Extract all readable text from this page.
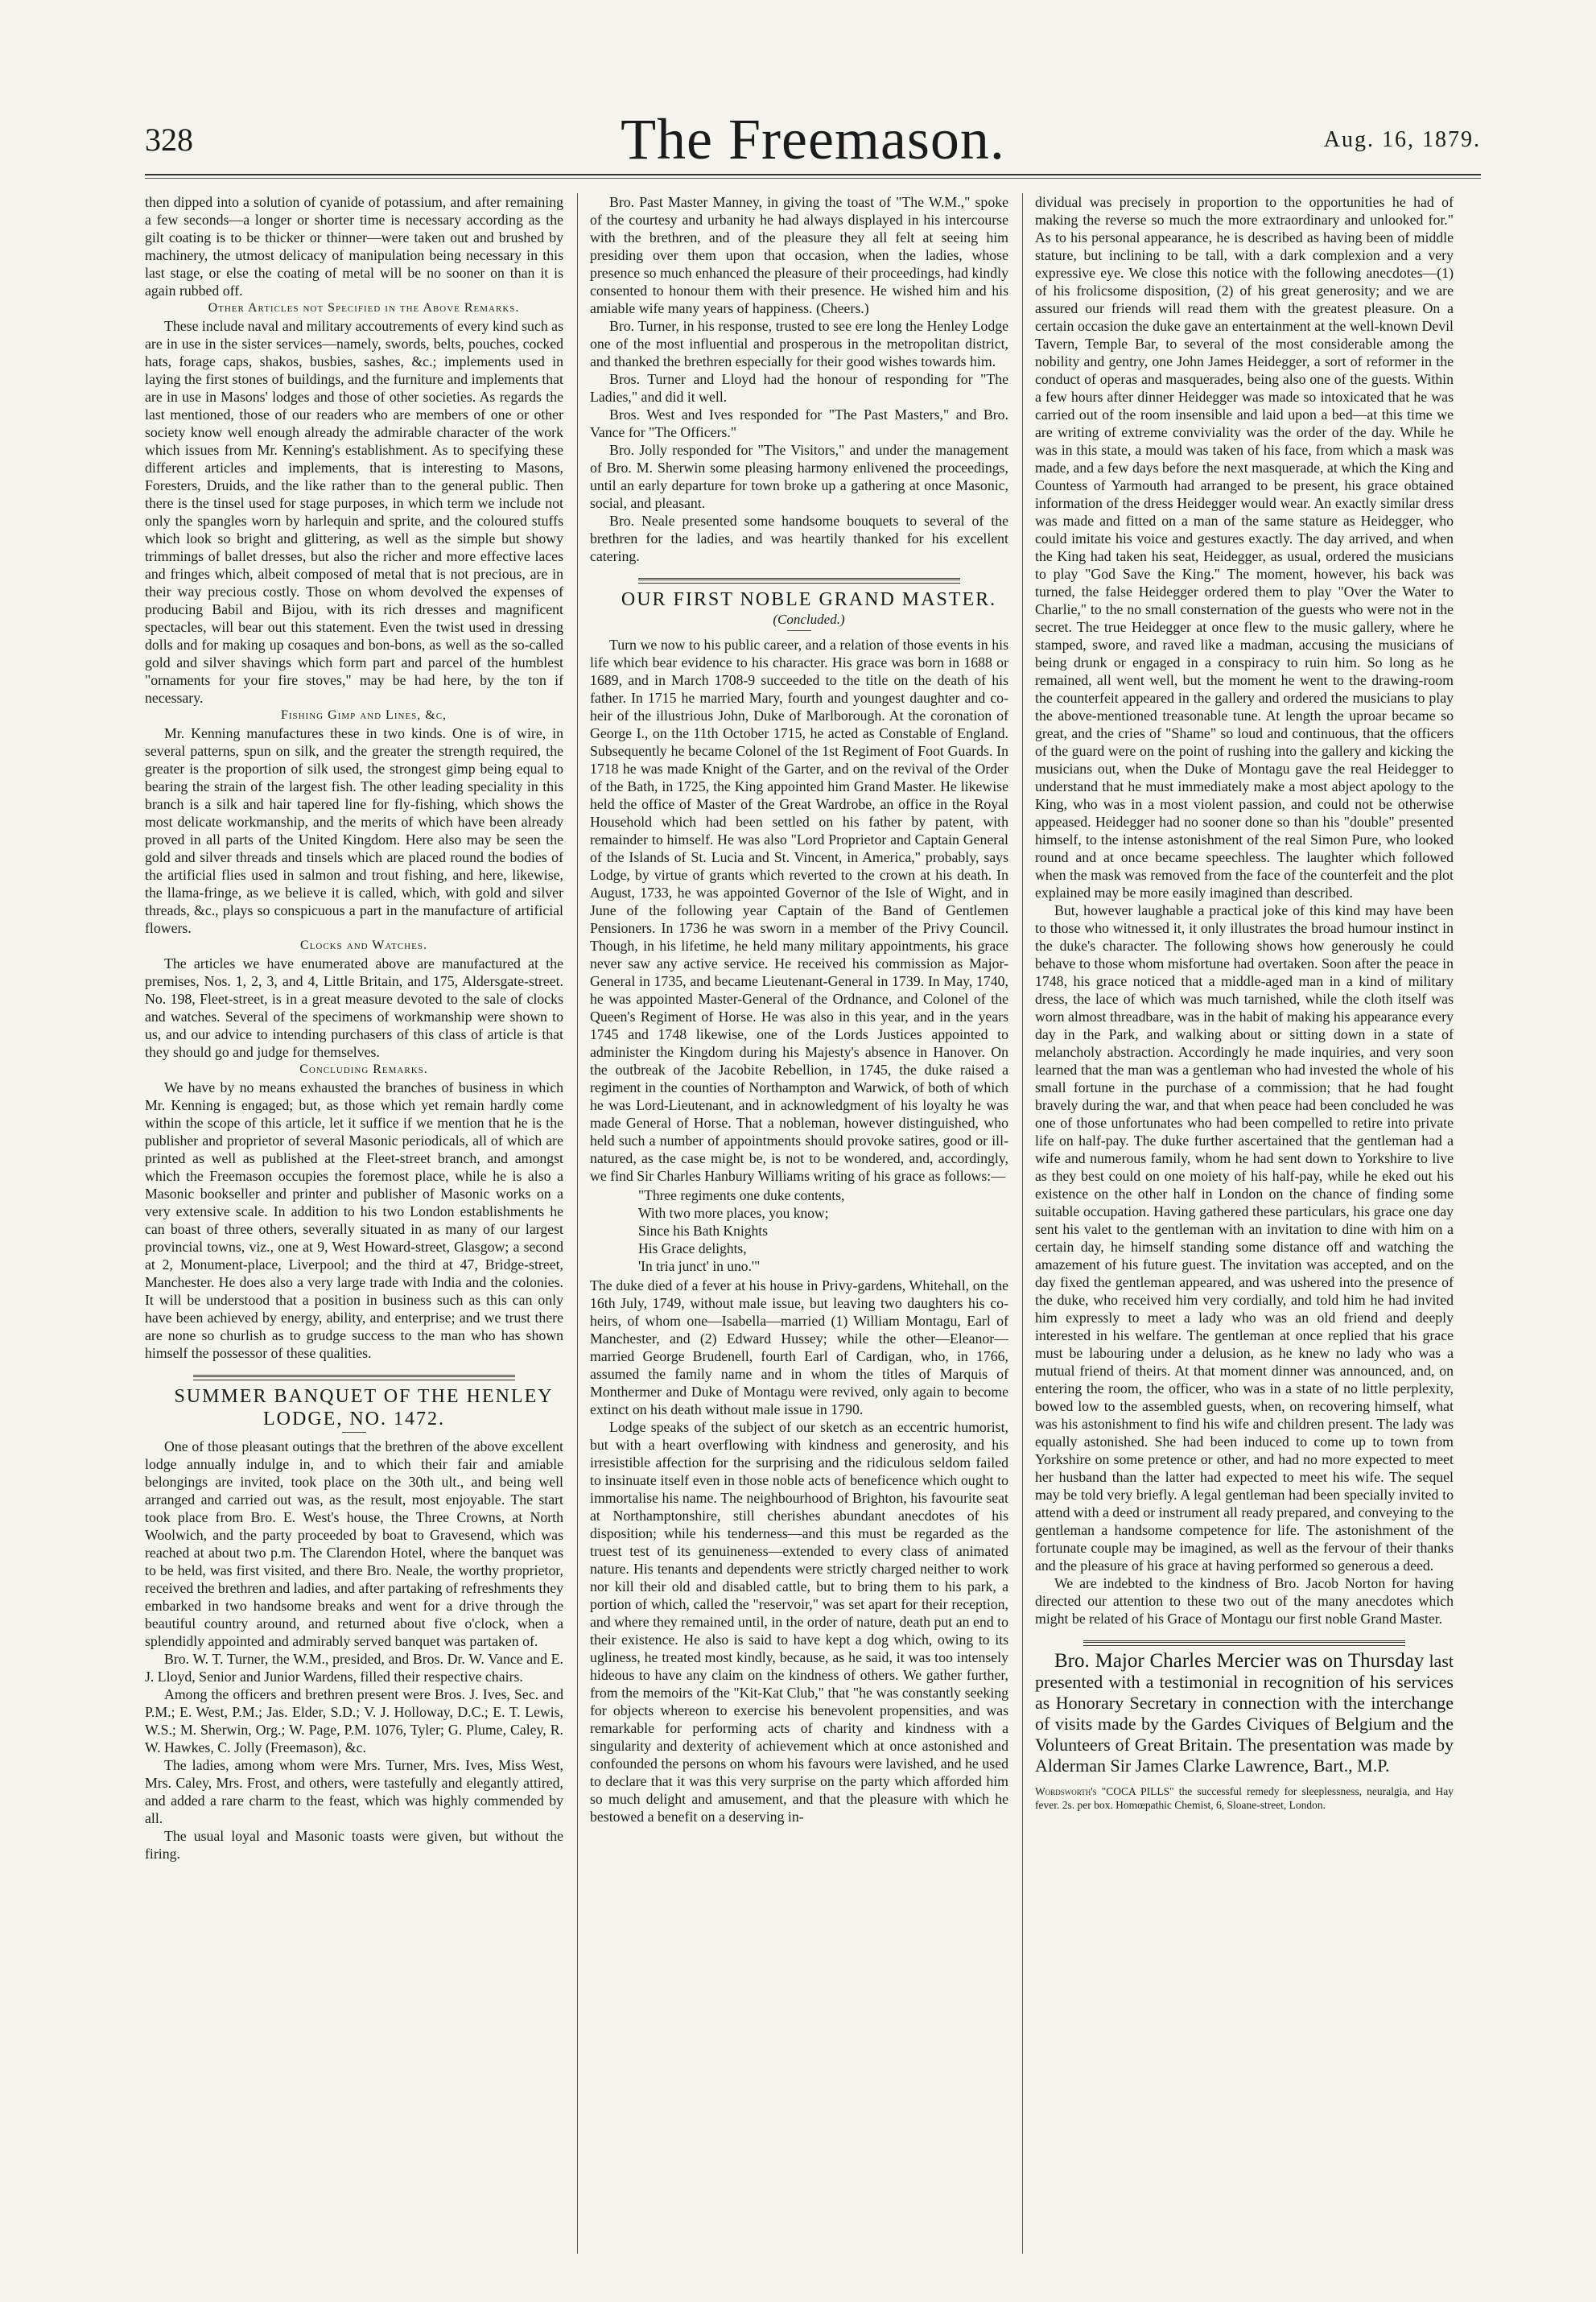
328	The Freemason.	Aug. 16, 1879.

then dipped into a solution of cyanide of potassium, and after remaining a few seconds—a longer or shorter time is necessary according as the gilt coating is to be thicker or thinner—were taken out and brushed by machinery, the utmost delicacy of manipulation being necessary in this last stage, or else the coating of metal will be no sooner on than it is again rubbed off.

Other Articles not Specified in the Above Remarks.

These include naval and military accoutrements of every kind such as are in use in the sister services—namely, swords, belts, pouches, cocked hats, forage caps, shakos, busbies, sashes, &c.; implements used in laying the first stones of buildings, and the furniture and implements that are in use in Masons' lodges and those of other societies. As regards the last mentioned, those of our readers who are members of one or other society know well enough already the admirable character of the work which issues from Mr. Kenning's establishment. As to specifying these different articles and implements, that is interesting to Masons, Foresters, Druids, and the like rather than to the general public. Then there is the tinsel used for stage purposes, in which term we include not only the spangles worn by harlequin and sprite, and the coloured stuffs which look so bright and glittering, as well as the simple but showy trimmings of ballet dresses, but also the richer and more effective laces and fringes which, albeit composed of metal that is not precious, are in their way precious costly. Those on whom devolved the expenses of producing Babil and Bijou, with its rich dresses and magnificent spectacles, will bear out this statement. Even the twist used in dressing dolls and for making up cosaques and bon-bons, as well as the so-called gold and silver shavings which form part and parcel of the humblest "ornaments for your fire stoves," may be had here, by the ton if necessary.

Fishing Gimp and Lines, &c,

Mr. Kenning manufactures these in two kinds. One is of wire, in several patterns, spun on silk, and the greater the strength required, the greater is the proportion of silk used, the strongest gimp being equal to bearing the strain of the largest fish. The other leading speciality in this branch is a silk and hair tapered line for fly-fishing, which shows the most delicate workmanship, and the merits of which have been already proved in all parts of the United Kingdom. Here also may be seen the gold and silver threads and tinsels which are placed round the bodies of the artificial flies used in salmon and trout fishing, and here, likewise, the llama-fringe, as we believe it is called, which, with gold and silver threads, &c., plays so conspicuous a part in the manufacture of artificial flowers.

Clocks and Watches.

The articles we have enumerated above are manufactured at the premises, Nos. 1, 2, 3, and 4, Little Britain, and 175, Aldersgate-street. No. 198, Fleet-street, is in a great measure devoted to the sale of clocks and watches. Several of the specimens of workmanship were shown to us, and our advice to intending purchasers of this class of article is that they should go and judge for themselves.

Concluding Remarks.

We have by no means exhausted the branches of business in which Mr. Kenning is engaged; but, as those which yet remain hardly come within the scope of this article, let it suffice if we mention that he is the publisher and proprietor of several Masonic periodicals, all of which are printed as well as published at the Fleet-street branch, and amongst which the Freemason occupies the foremost place, while he is also a Masonic bookseller and printer and publisher of Masonic works on a very extensive scale. In addition to his two London establishments he can boast of three others, severally situated in as many of our largest provincial towns, viz., one at 9, West Howard-street, Glasgow; a second at 2, Monument-place, Liverpool; and the third at 47, Bridge-street, Manchester. He does also a very large trade with India and the colonies. It will be understood that a position in business such as this can only have been achieved by energy, ability, and enterprise; and we trust there are none so churlish as to grudge success to the man who has shown himself the possessor of these qualities.

SUMMER BANQUET OF THE HENLEY LODGE, NO. 1472.

One of those pleasant outings that the brethren of the above excellent lodge annually indulge in, and to which their fair and amiable belongings are invited, took place on the 30th ult., and being well arranged and carried out was, as the result, most enjoyable. The start took place from Bro. E. West's house, the Three Crowns, at North Woolwich, and the party proceeded by boat to Gravesend, which was reached at about two p.m. The Clarendon Hotel, where the banquet was to be held, was first visited, and there Bro. Neale, the worthy proprietor, received the brethren and ladies, and after partaking of refreshments they embarked in two handsome breaks and went for a drive through the beautiful country around, and returned about five o'clock, when a splendidly appointed and admirably served banquet was partaken of.

Bro. W. T. Turner, the W.M., presided, and Bros. Dr. W. Vance and E. J. Lloyd, Senior and Junior Wardens, filled their respective chairs.

Among the officers and brethren present were Bros. J. Ives, Sec. and P.M.; E. West, P.M.; Jas. Elder, S.D.; V. J. Holloway, D.C.; E. T. Lewis, W.S.; M. Sherwin, Org.; W. Page, P.M. 1076, Tyler; G. Plume, Caley, R. W. Hawkes, C. Jolly (Freemason), &c.

The ladies, among whom were Mrs. Turner, Mrs. Ives, Miss West, Mrs. Caley, Mrs. Frost, and others, were tastefully and elegantly attired, and added a rare charm to the feast, which was highly commended by all.

The usual loyal and Masonic toasts were given, but without the firing.

Bro. Past Master Manney, in giving the toast of "The W.M.," spoke of the courtesy and urbanity he had always displayed in his intercourse with the brethren, and of the pleasure they all felt at seeing him presiding over them upon that occasion, when the ladies, whose presence so much enhanced the pleasure of their proceedings, had kindly consented to honour them with their presence. He wished him and his amiable wife many years of happiness. (Cheers.)

Bro. Turner, in his response, trusted to see ere long the Henley Lodge one of the most influential and prosperous in the metropolitan district, and thanked the brethren especially for their good wishes towards him.

Bros. Turner and Lloyd had the honour of responding for "The Ladies," and did it well.

Bros. West and Ives responded for "The Past Masters," and Bro. Vance for "The Officers."

Bro. Jolly responded for "The Visitors," and under the management of Bro. M. Sherwin some pleasing harmony enlivened the proceedings, until an early departure for town broke up a gathering at once Masonic, social, and pleasant.

Bro. Neale presented some handsome bouquets to several of the brethren for the ladies, and was heartily thanked for his excellent catering.

OUR FIRST NOBLE GRAND MASTER.

(Concluded.)

Turn we now to his public career, and a relation of those events in his life which bear evidence to his character. His grace was born in 1688 or 1689, and in March 1708-9 succeeded to the title on the death of his father. In 1715 he married Mary, fourth and youngest daughter and co-heir of the illustrious John, Duke of Marlborough. At the coronation of George I., on the 11th October 1715, he acted as Constable of England. Subsequently he became Colonel of the 1st Regiment of Foot Guards. In 1718 he was made Knight of the Garter, and on the revival of the Order of the Bath, in 1725, the King appointed him Grand Master. He likewise held the office of Master of the Great Wardrobe, an office in the Royal Household which had been settled on his father by patent, with remainder to himself. He was also "Lord Proprietor and Captain General of the Islands of St. Lucia and St. Vincent, in America," probably, says Lodge, by virtue of grants which reverted to the crown at his death. In August, 1733, he was appointed Governor of the Isle of Wight, and in June of the following year Captain of the Band of Gentlemen Pensioners. In 1736 he was sworn in a member of the Privy Council. Though, in his lifetime, he held many military appointments, his grace never saw any active service. He received his commission as Major-General in 1735, and became Lieutenant-General in 1739. In May, 1740, he was appointed Master-General of the Ordnance, and Colonel of the Queen's Regiment of Horse. He was also in this year, and in the years 1745 and 1748 likewise, one of the Lords Justices appointed to administer the Kingdom during his Majesty's absence in Hanover. On the outbreak of the Jacobite Rebellion, in 1745, the duke raised a regiment in the counties of Northampton and Warwick, of both of which he was Lord-Lieutenant, and in acknowledgment of his loyalty he was made General of Horse. That a nobleman, however distinguished, who held such a number of appointments should provoke satires, good or ill-natured, as the case might be, is not to be wondered, and, accordingly, we find Sir Charles Hanbury Williams writing of his grace as follows:—

"Three regiments one duke contents,
With two more places, you know;
Since his Bath Knights
His Grace delights,
'In tria junct' in uno.'"

The duke died of a fever at his house in Privy-gardens, Whitehall, on the 16th July, 1749, without male issue, but leaving two daughters his co-heirs, of whom one—Isabella—married (1) William Montagu, Earl of Manchester, and (2) Edward Hussey; while the other—Eleanor—married George Brudenell, fourth Earl of Cardigan, who, in 1766, assumed the family name and in whom the titles of Marquis of Monthermer and Duke of Montagu were revived, only again to become extinct on his death without male issue in 1790.

Lodge speaks of the subject of our sketch as an eccentric humorist, but with a heart overflowing with kindness and generosity, and his irresistible affection for the surprising and the ridiculous seldom failed to insinuate itself even in those noble acts of beneficence which ought to immortalise his name. The neighbourhood of Brighton, his favourite seat at Northamptonshire, still cherishes abundant anecdotes of his disposition; while his tenderness—and this must be regarded as the truest test of its genuineness—extended to every class of animated nature. His tenants and dependents were strictly charged neither to work nor kill their old and disabled cattle, but to bring them to his park, a portion of which, called the "reservoir," was set apart for their reception, and where they remained until, in the order of nature, death put an end to their existence. He also is said to have kept a dog which, owing to its ugliness, he treated most kindly, because, as he said, it was too intensely hideous to have any claim on the kindness of others. We gather further, from the memoirs of the "Kit-Kat Club," that "he was constantly seeking for objects whereon to exercise his benevolent propensities, and was remarkable for performing acts of charity and kindness with a singularity and dexterity of achievement which at once astonished and confounded the persons on whom his favours were lavished, and he used to declare that it was this very surprise on the party which afforded him so much delight and amusement, and that the pleasure with which he bestowed a benefit on a deserving in-

dividual was precisely in proportion to the opportunities he had of making the reverse so much the more extraordinary and unlooked for." As to his personal appearance, he is described as having been of middle stature, but inclining to be tall, with a dark complexion and a very expressive eye. We close this notice with the following anecdotes—(1) of his frolicsome disposition, (2) of his great generosity; and we are assured our friends will read them with the greatest pleasure. On a certain occasion the duke gave an entertainment at the well-known Devil Tavern, Temple Bar, to several of the most considerable among the nobility and gentry, one John James Heidegger, a sort of reformer in the conduct of operas and masquerades, being also one of the guests. Within a few hours after dinner Heidegger was made so intoxicated that he was carried out of the room insensible and laid upon a bed—at this time we are writing of extreme conviviality was the order of the day. While he was in this state, a mould was taken of his face, from which a mask was made, and a few days before the next masquerade, at which the King and Countess of Yarmouth had arranged to be present, his grace obtained information of the dress Heidegger would wear. An exactly similar dress was made and fitted on a man of the same stature as Heidegger, who could imitate his voice and gestures exactly. The day arrived, and when the King had taken his seat, Heidegger, as usual, ordered the musicians to play "God Save the King." The moment, however, his back was turned, the false Heidegger ordered them to play "Over the Water to Charlie," to the no small consternation of the guests who were not in the secret. The true Heidegger at once flew to the music gallery, where he stamped, swore, and raved like a madman, accusing the musicians of being drunk or engaged in a conspiracy to ruin him. So long as he remained, all went well, but the moment he went to the drawing-room the counterfeit appeared in the gallery and ordered the musicians to play the above-mentioned treasonable tune. At length the uproar became so great, and the cries of "Shame" so loud and continuous, that the officers of the guard were on the point of rushing into the gallery and kicking the musicians out, when the Duke of Montagu gave the real Heidegger to understand that he must immediately make a most abject apology to the King, who was in a most violent passion, and could not be otherwise appeased. Heidegger had no sooner done so than his "double" presented himself, to the intense astonishment of the real Simon Pure, who looked round and at once became speechless. The laughter which followed when the mask was removed from the face of the counterfeit and the plot explained may be more easily imagined than described.

But, however laughable a practical joke of this kind may have been to those who witnessed it, it only illustrates the broad humour instinct in the duke's character. The following shows how generously he could behave to those whom misfortune had overtaken. Soon after the peace in 1748, his grace noticed that a middle-aged man in a kind of military dress, the lace of which was much tarnished, while the cloth itself was worn almost threadbare, was in the habit of making his appearance every day in the Park, and walking about or sitting down in a state of melancholy abstraction. Accordingly he made inquiries, and very soon learned that the man was a gentleman who had invested the whole of his small fortune in the purchase of a commission; that he had fought bravely during the war, and that when peace had been concluded he was one of those unfortunates who had been compelled to retire into private life on half-pay. The duke further ascertained that the gentleman had a wife and numerous family, whom he had sent down to Yorkshire to live as they best could on one moiety of his half-pay, while he eked out his existence on the other half in London on the chance of finding some suitable occupation. Having gathered these particulars, his grace one day sent his valet to the gentleman with an invitation to dine with him on a certain day, he himself standing some distance off and watching the amazement of his future guest. The invitation was accepted, and on the day fixed the gentleman appeared, and was ushered into the presence of the duke, who received him very cordially, and told him he had invited him expressly to meet a lady who was an old friend and deeply interested in his welfare. The gentleman at once replied that his grace must be labouring under a delusion, as he knew no lady who was a mutual friend of theirs. At that moment dinner was announced, and, on entering the room, the officer, who was in a state of no little perplexity, bowed low to the assembled guests, when, on recovering himself, what was his astonishment to find his wife and children present. The lady was equally astonished. She had been induced to come up to town from Yorkshire on some pretence or other, and had no more expected to meet her husband than the latter had expected to meet his wife. The sequel may be told very briefly. A legal gentleman had been specially invited to attend with a deed or instrument all ready prepared, and conveying to the gentleman a handsome competence for life. The astonishment of the fortunate couple may be imagined, as well as the fervour of their thanks and the pleasure of his grace at having performed so generous a deed.

We are indebted to the kindness of Bro. Jacob Norton for having directed our attention to these two out of the many anecdotes which might be related of his Grace of Montagu our first noble Grand Master.

Bro. Major Charles Mercier was on Thursday last presented with a testimonial in recognition of his services as Honorary Secretary in connection with the interchange of visits made by the Gardes Civiques of Belgium and the Volunteers of Great Britain. The presentation was made by Alderman Sir James Clarke Lawrence, Bart., M.P.

Wordsworth's "COCA PILLS" the successful remedy for sleeplessness, neuralgia, and Hay fever. 2s. per box. Homœpathic Chemist, 6, Sloane-street, London.
